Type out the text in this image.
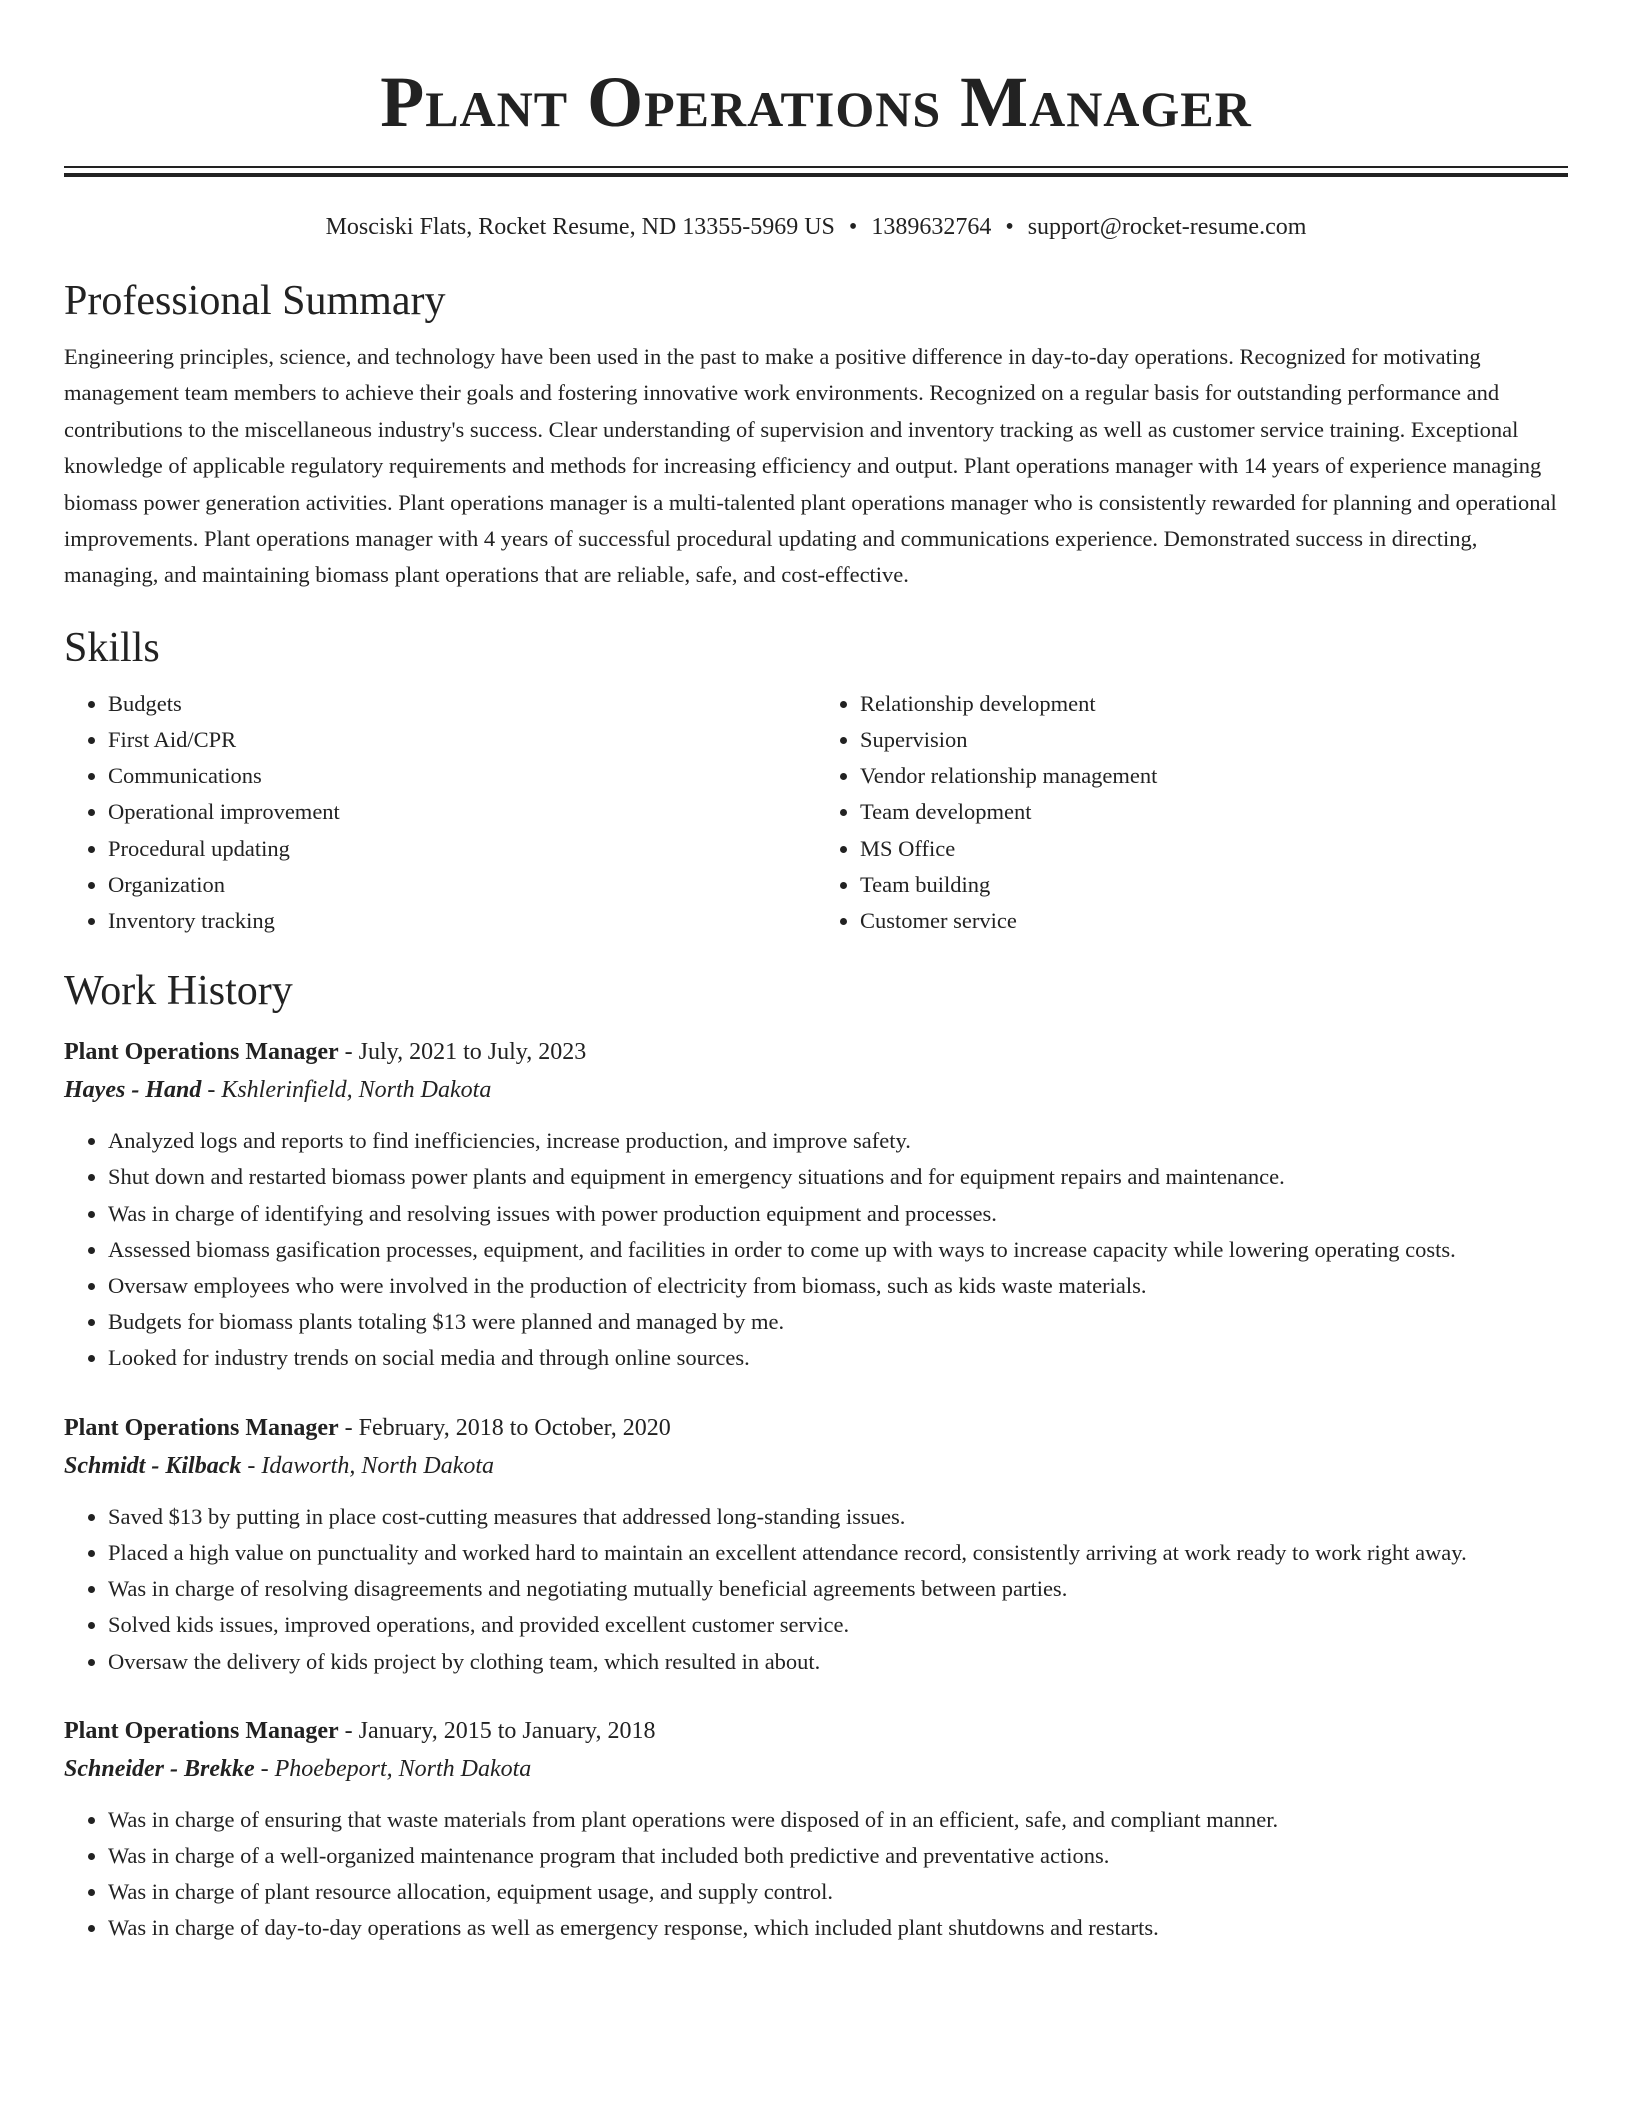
Plant Operations Manager
Mosciski Flats, Rocket Resume, ND 13355-5969 US • 1389632764 • support@rocket-resume.com
Professional Summary

Engineering principles, science, and technology have been used in the past to make a positive difference in day-to-day operations. Recognized for motivating management team members to achieve their goals and fostering innovative work environments. Recognized on a regular basis for outstanding performance and contributions to the miscellaneous industry's success. Clear understanding of supervision and inventory tracking as well as customer service training. Exceptional knowledge of applicable regulatory requirements and methods for increasing efficiency and output. Plant operations manager with 14 years of experience managing biomass power generation activities. Plant operations manager is a multi-talented plant operations manager who is consistently rewarded for planning and operational improvements. Plant operations manager with 4 years of successful procedural updating and communications experience. Demonstrated success in directing, managing, and maintaining biomass plant operations that are reliable, safe, and cost-effective.

Skills
• Budgets
• First Aid/CPR
• Communications
• Operational improvement
• Procedural updating
• Organization
• Inventory tracking
• Relationship development
• Supervision
• Vendor relationship management
• Team development
• MS Office
• Team building
• Customer service
Work History
Plant Operations Manager - July, 2021 to July, 2023
Hayes - Hand - Kshlerinfield, North Dakota
• Analyzed logs and reports to find inefficiencies, increase production, and improve safety.
• Shut down and restarted biomass power plants and equipment in emergency situations and for equipment repairs and maintenance.
• Was in charge of identifying and resolving issues with power production equipment and processes.
• Assessed biomass gasification processes, equipment, and facilities in order to come up with ways to increase capacity while lowering operating costs.
• Oversaw employees who were involved in the production of electricity from biomass, such as kids waste materials.
• Budgets for biomass plants totaling $13 were planned and managed by me.
• Looked for industry trends on social media and through online sources.
Plant Operations Manager - February, 2018 to October, 2020
Schmidt - Kilback - Idaworth, North Dakota
• Saved $13 by putting in place cost-cutting measures that addressed long-standing issues.
• Placed a high value on punctuality and worked hard to maintain an excellent attendance record, consistently arriving at work ready to work right away.
• Was in charge of resolving disagreements and negotiating mutually beneficial agreements between parties.
• Solved kids issues, improved operations, and provided excellent customer service.
• Oversaw the delivery of kids project by clothing team, which resulted in about.
Plant Operations Manager - January, 2015 to January, 2018
Schneider - Brekke - Phoebeport, North Dakota
• Was in charge of ensuring that waste materials from plant operations were disposed of in an efficient, safe, and compliant manner.
• Was in charge of a well-organized maintenance program that included both predictive and preventative actions.
• Was in charge of plant resource allocation, equipment usage, and supply control.
• Was in charge of day-to-day operations as well as emergency response, which included plant shutdowns and restarts.
